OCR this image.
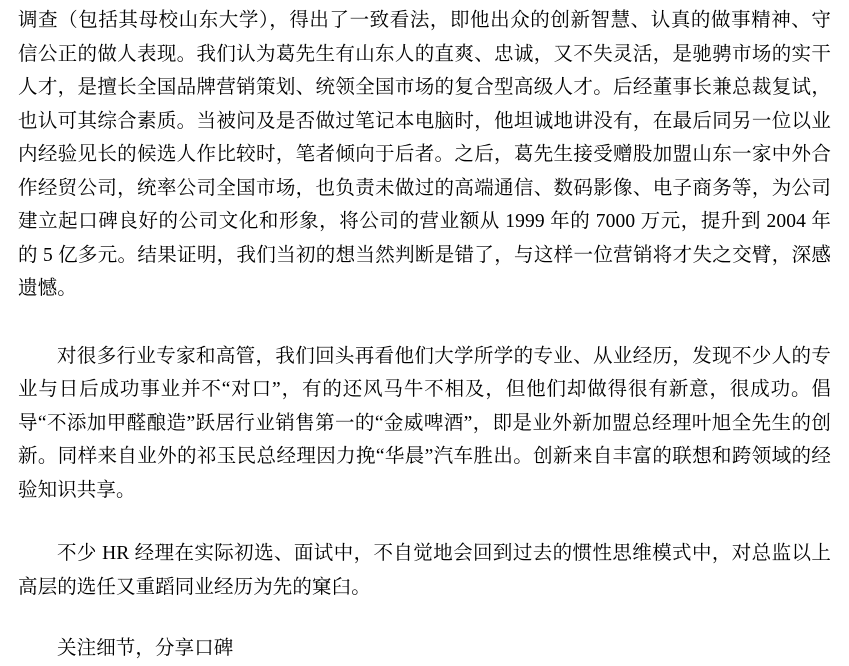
调查（包括其母校山东大学），得出了一致看法，即他出众的创新智慧、认真的做事精神、守信公正的做人表现。我们认为葛先生有山东人的直爽、忠诚，又不失灵活，是驰骋市场的实干人才，是擅长全国品牌营销策划、统领全国市场的复合型高级人才。后经董事长兼总裁复试，也认可其综合素质。当被问及是否做过笔记本电脑时，他坦诚地讲没有，在最后同另一位以业内经验见长的候选人作比较时，笔者倾向于后者。之后，葛先生接受赠股加盟山东一家中外合作经贸公司，统率公司全国市场，也负责未做过的高端通信、数码影像、电子商务等，为公司建立起口碑良好的公司文化和形象，将公司的营业额从 1999 年的 7000 万元，提升到 2004 年的 5 亿多元。结果证明，我们当初的想当然判断是错了，与这样一位营销将才失之交臂，深感遗憾。

对很多行业专家和高管，我们回头再看他们大学所学的专业、从业经历，发现不少人的专业与日后成功事业并不“对口”，有的还风马牛不相及，但他们却做得很有新意，很成功。倡导“不添加甲醛酿造”跃居行业销售第一的“金威啤酒”，即是业外新加盟总经理叶旭全先生的创新。同样来自业外的祁玉民总经理因力挽“华晨”汽车胜出。创新来自丰富的联想和跨领域的经验知识共享。

不少 HR 经理在实际初选、面试中，不自觉地会回到过去的惯性思维模式中，对总监以上高层的选任又重蹈同业经历为先的窠臼。

关注细节，分享口碑
